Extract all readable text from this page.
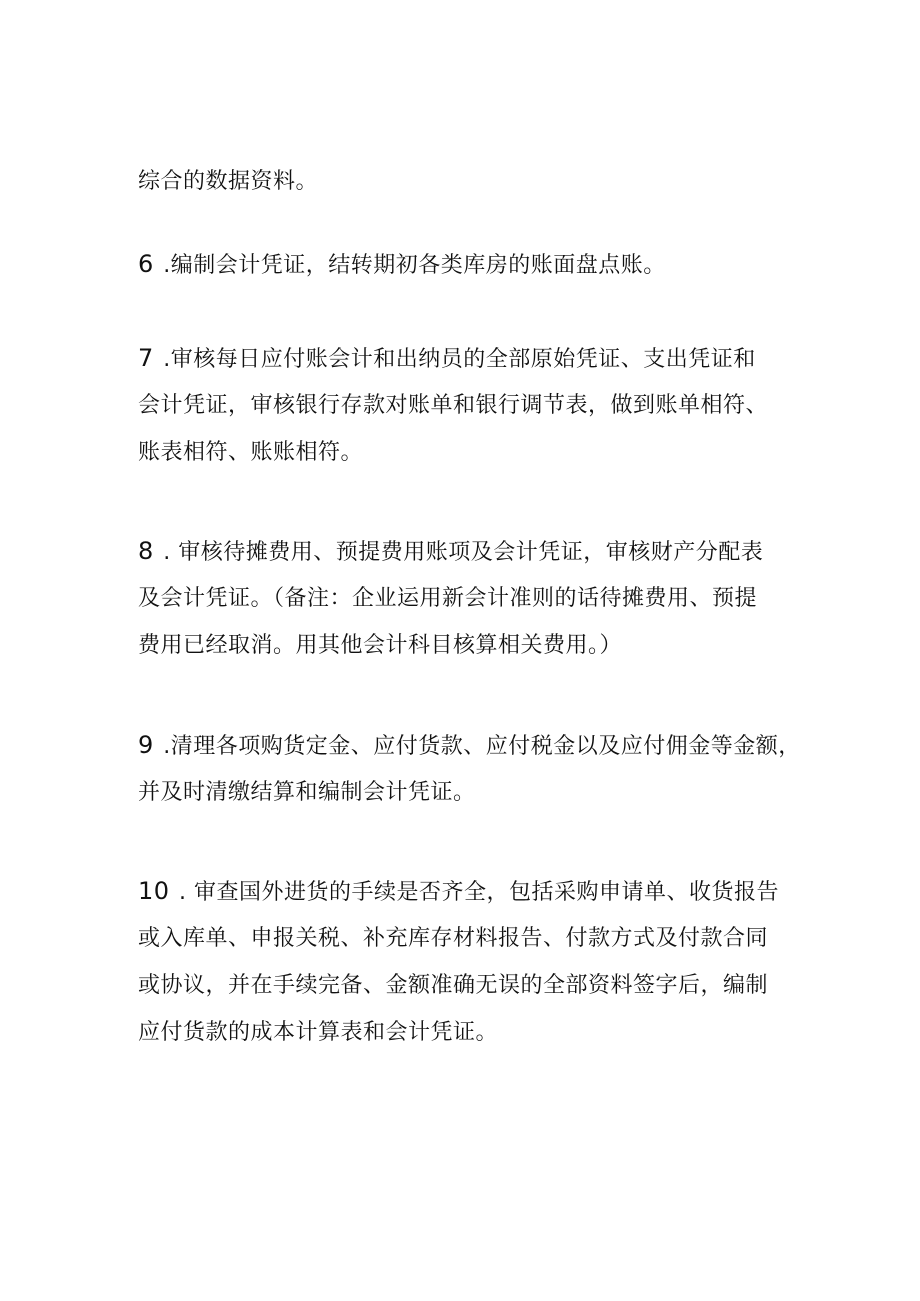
综合的数据资料。
6 .编制会计凭证，结转期初各类库房的账面盘点账。
7 .审核每日应付账会计和出纳员的全部原始凭证、支出凭证和
会计凭证，审核银行存款对账单和银行调节表，做到账单相符、
账表相符、账账相符。
8 . 审核待摊费用、预提费用账项及会计凭证，审核财产分配表
及会计凭证。（备注：企业运用新会计准则的话待摊费用、预提
费用已经取消。用其他会计科目核算相关费用。）
9 .清理各项购货定金、应付货款、应付税金以及应付佣金等金额，
并及时清缴结算和编制会计凭证。
10 . 审查国外进货的手续是否齐全，包括采购申请单、收货报告
或入库单、申报关税、补充库存材料报告、付款方式及付款合同
或协议，并在手续完备、金额准确无误的全部资料签字后，编制
应付货款的成本计算表和会计凭证。
